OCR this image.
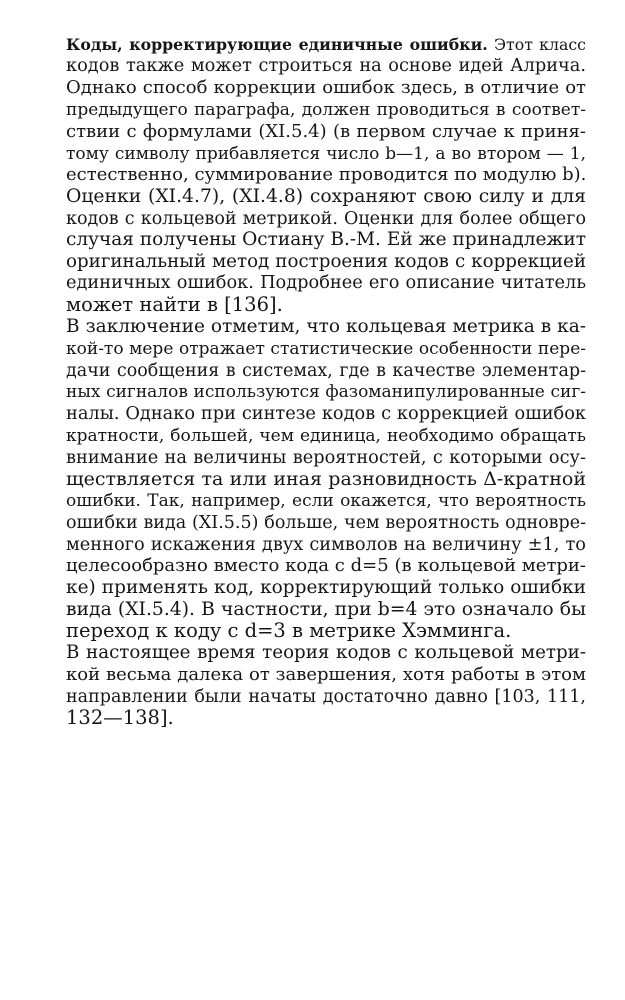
Коды, корректирующие единичные ошибки. Этот класс
кодов также может строиться на основе идей Алрича.
Однако способ коррекции ошибок здесь, в отличие от
предыдущего параграфа, должен проводиться в соответ-
ствии с формулами (XI.5.4) (в первом случае к приня-
тому символу прибавляется число b—1, а во втором — 1,
естественно, суммирование проводится по модулю b).
Оценки (XI.4.7), (XI.4.8) сохраняют свою силу и для
кодов с кольцевой метрикой. Оценки для более общего
случая получены Остиану В.-М. Ей же принадлежит
оригинальный метод построения кодов с коррекцией
единичных ошибок. Подробнее его описание читатель
может найти в [136].
В заключение отметим, что кольцевая метрика в ка-
кой-то мере отражает статистические особенности пере-
дачи сообщения в системах, где в качестве элементар-
ных сигналов используются фазоманипулированные сиг-
налы. Однако при синтезе кодов с коррекцией ошибок
кратности, большей, чем единица, необходимо обращать
внимание на величины вероятностей, с которыми осу-
ществляется та или иная разновидность Δ-кратной
ошибки. Так, например, если окажется, что вероятность
ошибки вида (XI.5.5) больше, чем вероятность одновре-
менного искажения двух символов на величину ±1, то
целесообразно вместо кода с d=5 (в кольцевой метри-
ке) применять код, корректирующий только ошибки
вида (XI.5.4). В частности, при b=4 это означало бы
переход к коду с d=3 в метрике Хэмминга.
В настоящее время теория кодов с кольцевой метри-
кой весьма далека от завершения, хотя работы в этом
направлении были начаты достаточно давно [103, 111,
132—138].
